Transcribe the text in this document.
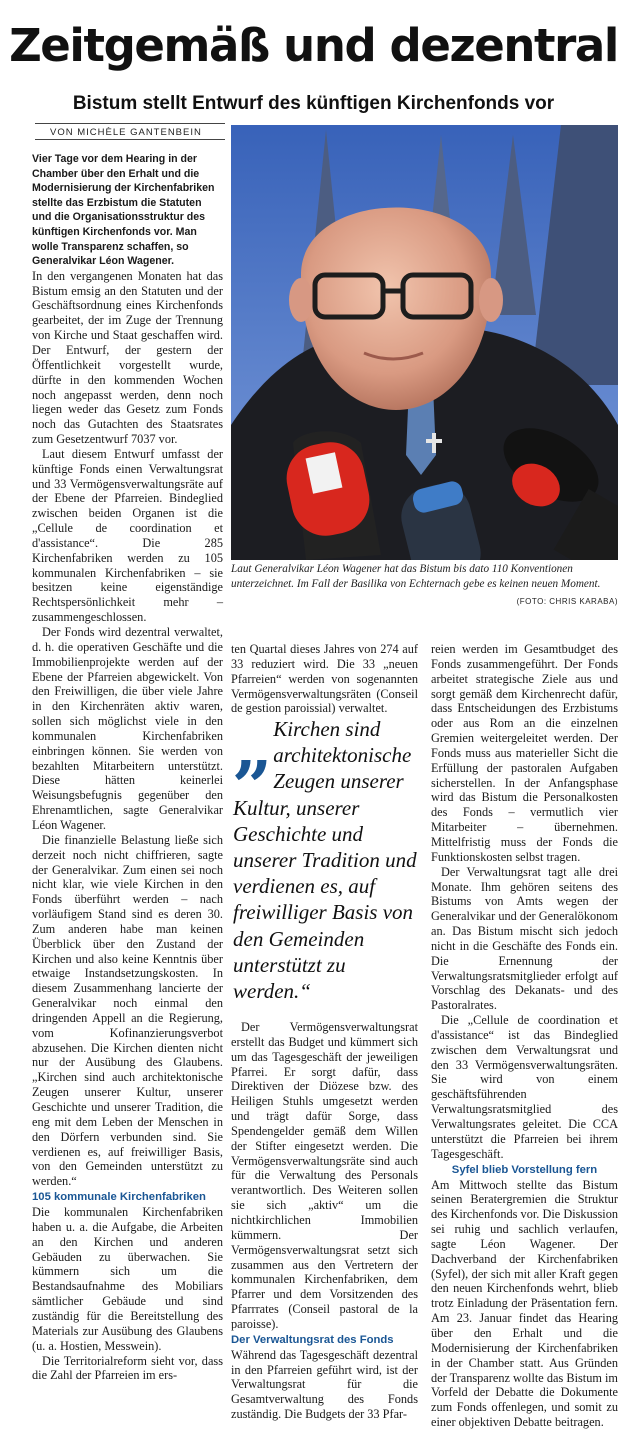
Zeitgemäß und dezentral
Bistum stellt Entwurf des künftigen Kirchenfonds vor
VON MICHÈLE GANTENBEIN

Vier Tage vor dem Hearing in der Chamber über den Erhalt und die Modernisierung der Kirchenfabriken stellte das Erzbistum die Statuten und die Organisationsstruktur des künftigen Kirchenfonds vor. Man wolle Transparenz schaffen, so Generalvikar Léon Wagener.

In den vergangenen Monaten hat das Bistum emsig an den Statuten und der Geschäftsordnung eines Kirchenfonds gearbeitet, der im Zuge der Trennung von Kirche und Staat geschaffen wird. Der Entwurf, der gestern der Öffentlichkeit vorgestellt wurde, dürfte in den kommenden Wochen noch angepasst werden, denn noch liegen weder das Gesetz zum Fonds noch das Gutachten des Staatsrates zum Gesetzentwurf 7037 vor.

Laut diesem Entwurf umfasst der künftige Fonds einen Verwaltungsrat und 33 Vermögensverwaltungsräte auf der Ebene der Pfarreien. Bindeglied zwischen beiden Organen ist die „Cellule de coordination et d'assistance“. Die 285 Kirchenfabriken werden zu 105 kommunalen Kirchenfabriken – sie besitzen keine eigenständige Rechtspersönlichkeit mehr – zusammengeschlossen.

Der Fonds wird dezentral verwaltet, d. h. die operativen Geschäfte und die Immobilienprojekte werden auf der Ebene der Pfarreien abgewickelt. Von den Freiwilligen, die über viele Jahre in den Kirchenräten aktiv waren, sollen sich möglichst viele in den kommunalen Kirchenfabriken einbringen können. Sie werden von bezahlten Mitarbeitern unterstützt. Diese hätten keinerlei Weisungsbefugnis gegenüber den Ehrenamtlichen, sagte Generalvikar Léon Wagener.

Die finanzielle Belastung ließe sich derzeit noch nicht chiffrieren, sagte der Generalvikar. Zum einen sei noch nicht klar, wie viele Kirchen in den Fonds überführt werden – nach vorläufigem Stand sind es deren 30. Zum anderen habe man keinen Überblick über den Zustand der Kirchen und also keine Kenntnis über etwaige Instandsetzungskosten. In diesem Zusammenhang lancierte der Generalvikar noch einmal den dringenden Appell an die Regierung, vom Kofinanzierungsverbot abzusehen. Die Kirchen dienten nicht nur der Ausübung des Glaubens. „Kirchen sind auch architektonische Zeugen unserer Kultur, unserer Geschichte und unserer Tradition, die eng mit dem Leben der Menschen in den Dörfern verbunden sind. Sie verdienen es, auf freiwilliger Basis, von den Gemeinden unterstützt zu werden.“

105 kommunale Kirchenfabriken

Die kommunalen Kirchenfabriken haben u. a. die Aufgabe, die Arbeiten an den Kirchen und anderen Gebäuden zu überwachen. Sie kümmern sich um die Bestandsaufnahme des Mobiliars sämtlicher Gebäude und sind zuständig für die Bereitstellung des Materials zur Ausübung des Glaubens (u. a. Hostien, Messwein).

Die Territorialreform sieht vor, dass die Zahl der Pfarreien im ers-

Laut Generalvikar Léon Wagener hat das Bistum bis dato 110 Konventionen unterzeichnet. Im Fall der Basilika von Echternach gebe es keinen neuen Moment.
(FOTO: CHRIS KARABA)

ten Quartal dieses Jahres von 274 auf 33 reduziert wird. Die 33 „neuen Pfarreien“ werden von sogenannten Vermögensverwaltungsräten (Conseil de gestion paroissial) verwaltet.

„ Kirchen sind architektonische Zeugen unserer Kultur, unserer Geschichte und unserer Tradition und verdienen es, auf freiwilliger Basis von den Gemeinden unterstützt zu werden.“

Der Vermögensverwaltungsrat erstellt das Budget und kümmert sich um das Tagesgeschäft der jeweiligen Pfarrei. Er sorgt dafür, dass Direktiven der Diözese bzw. des Heiligen Stuhls umgesetzt werden und trägt dafür Sorge, dass Spendengelder gemäß dem Willen der Stifter eingesetzt werden. Die Vermögensverwaltungsräte sind auch für die Verwaltung des Personals verantwortlich. Des Weiteren sollen sie sich „aktiv“ um die nichtkirchlichen Immobilien kümmern. Der Vermögensverwaltungsrat setzt sich zusammen aus den Vertretern der kommunalen Kirchenfabriken, dem Pfarrer und dem Vorsitzenden des Pfarrrates (Conseil pastoral de la paroisse).

Der Verwaltungsrat des Fonds

Während das Tagesgeschäft dezentral in den Pfarreien geführt wird, ist der Verwaltungsrat für die Gesamtverwaltung des Fonds zuständig. Die Budgets der 33 Pfar-

reien werden im Gesamtbudget des Fonds zusammengeführt. Der Fonds arbeitet strategische Ziele aus und sorgt gemäß dem Kirchenrecht dafür, dass Entscheidungen des Erzbistums oder aus Rom an die einzelnen Gremien weitergeleitet werden. Der Fonds muss aus materieller Sicht die Erfüllung der pastoralen Aufgaben sicherstellen. In der Anfangsphase wird das Bistum die Personalkosten des Fonds – vermutlich vier Mitarbeiter – übernehmen. Mittelfristig muss der Fonds die Funktionskosten selbst tragen.

Der Verwaltungsrat tagt alle drei Monate. Ihm gehören seitens des Bistums von Amts wegen der Generalvikar und der Generalökonom an. Das Bistum mischt sich jedoch nicht in die Geschäfte des Fonds ein. Die Ernennung der Verwaltungsratsmitglieder erfolgt auf Vorschlag des Dekanats- und des Pastoralrates.

Die „Cellule de coordination et d'assistance“ ist das Bindeglied zwischen dem Verwaltungsrat und den 33 Vermögensverwaltungsräten. Sie wird von einem geschäftsführenden Verwaltungsratsmitglied des Verwaltungsrates geleitet. Die CCA unterstützt die Pfarreien bei ihrem Tagesgeschäft.

Syfel blieb Vorstellung fern

Am Mittwoch stellte das Bistum seinen Beratergremien die Struktur des Kirchenfonds vor. Die Diskussion sei ruhig und sachlich verlaufen, sagte Léon Wagener. Der Dachverband der Kirchenfabriken (Syfel), der sich mit aller Kraft gegen den neuen Kirchenfonds wehrt, blieb trotz Einladung der Präsentation fern. Am 23. Januar findet das Hearing über den Erhalt und die Modernisierung der Kirchenfabriken in der Chamber statt. Aus Gründen der Transparenz wollte das Bistum im Vorfeld der Debatte die Dokumente zum Fonds offenlegen, und somit zu einer objektiven Debatte beitragen.
